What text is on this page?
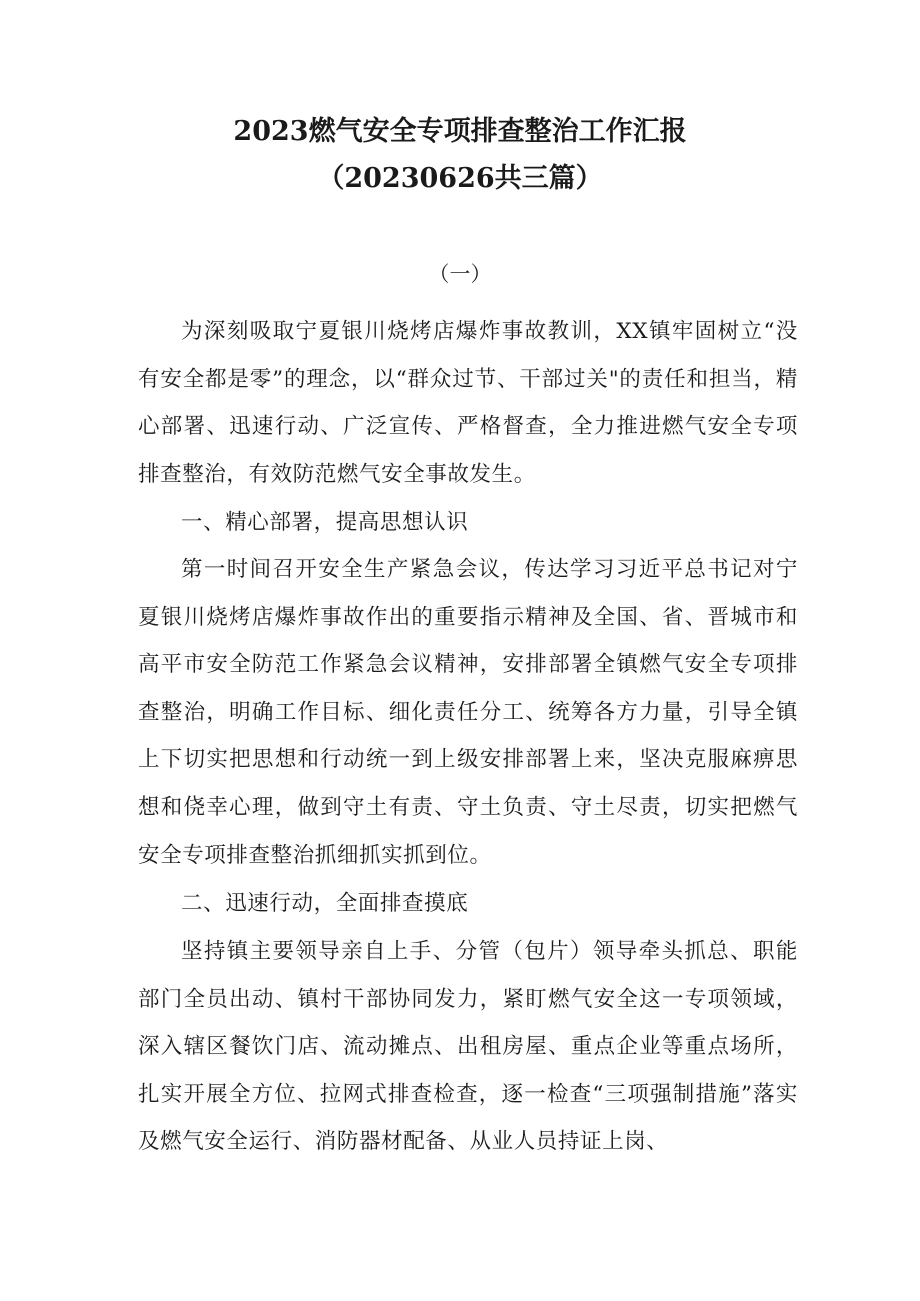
2023燃气安全专项排查整治工作汇报
（20230626共三篇）

（一）

为深刻吸取宁夏银川烧烤店爆炸事故教训，XX镇牢固树立“没有安全都是零”的理念，以“群众过节、干部过关"的责任和担当，精心部署、迅速行动、广泛宣传、严格督查，全力推进燃气安全专项排查整治，有效防范燃气安全事故发生。

一、精心部署，提高思想认识

第一时间召开安全生产紧急会议，传达学习习近平总书记对宁夏银川烧烤店爆炸事故作出的重要指示精神及全国、省、晋城市和高平市安全防范工作紧急会议精神，安排部署全镇燃气安全专项排查整治，明确工作目标、细化责任分工、统筹各方力量，引导全镇上下切实把思想和行动统一到上级安排部署上来，坚决克服麻痹思想和侥幸心理，做到守土有责、守土负责、守土尽责，切实把燃气安全专项排查整治抓细抓实抓到位。

二、迅速行动，全面排查摸底

坚持镇主要领导亲自上手、分管（包片）领导牵头抓总、职能部门全员出动、镇村干部协同发力，紧盯燃气安全这一专项领域，深入辖区餐饮门店、流动摊点、出租房屋、重点企业等重点场所，扎实开展全方位、拉网式排查检查，逐一检查“三项强制措施”落实及燃气安全运行、消防器材配备、从业人员持证上岗、
